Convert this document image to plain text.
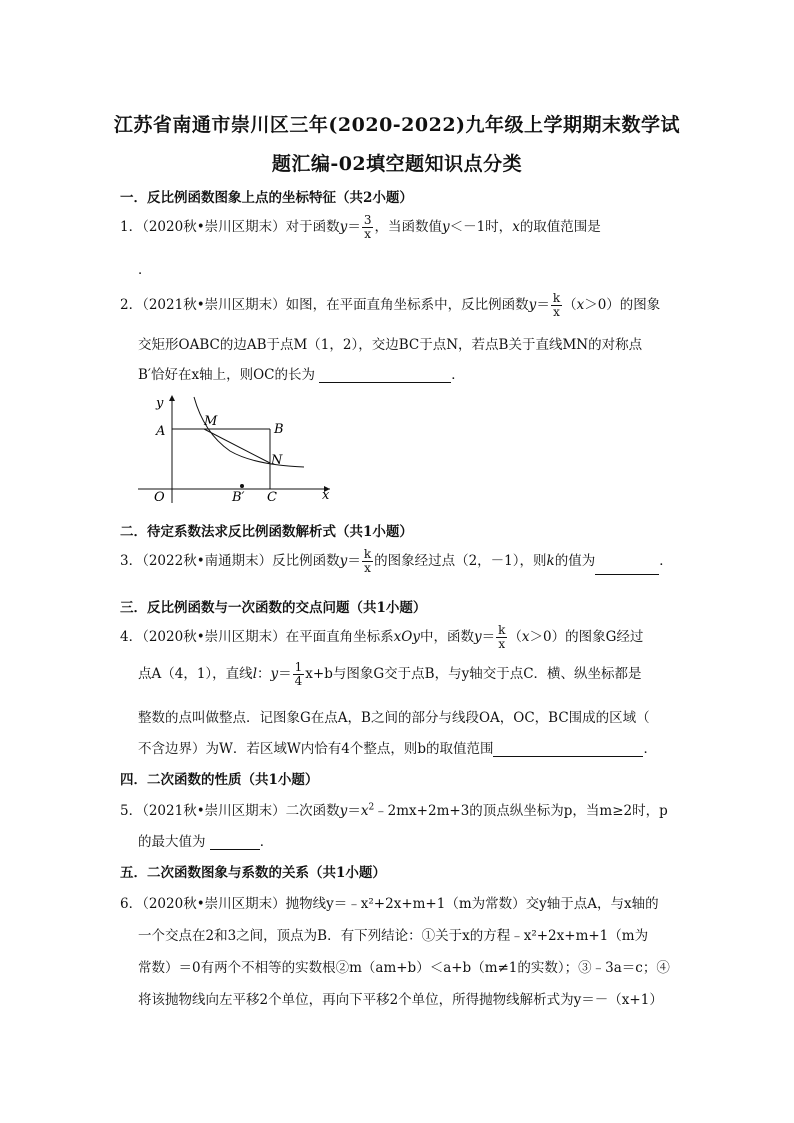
江苏省南通市崇川区三年(2020-2022)九年级上学期期末数学试
题汇编-02填空题知识点分类
一．反比例函数图象上点的坐标特征（共2小题）
1．（2020秋•崇川区期末）对于函数$y= \frac{3}{x}$ ，当函数值y＜－1时，x的取值范围是
．
2．（2021秋•崇川区期末）如图，在平面直角坐标系中，反比例函数$y= \frac{k}{x} (x>0)$的图象
交矩形OABC的边AB于点M（1，2），交边BC于点N，若点B关于直线MN的对称点
B′恰好在x轴上，则OC的长为	．
y
A
M
B
N
O	B′ C	x
二．待定系数法求反比例函数解析式（共1小题）
3．（2022秋•南通期末）反比例函数$y= \frac{k}{x}$ 的图象经过点（2，－1），则k的值为	．
三．反比例函数与一次函数的交点问题（共1小题）
4．（2020秋•崇川区期末）在平面直角坐标系xOy中，函数$y= \frac{k}{x} (x>0)$的图象G经过
点A（4，1），直线l：$y= \frac{1}{4} x+b$与图象G交于点B，与y轴交于点C．横、纵坐标都是
整数的点叫做整点．记图象G在点A，B之间的部分与线段OA，OC，BC围成的区域（
不含边界）为W．若区域W内恰有4个整点，则b的取值范围	．
四．二次函数的性质（共1小题）
5．（2021秋•崇川区期末）二次函数$y=x^2﹣2mx+2m+3$的顶点纵坐标为p，当m≥2时，p
的最大值为	．
五．二次函数图象与系数的关系（共1小题）
6．（2020秋•崇川区期末）抛物线y＝﹣x²+2x+m+1（m为常数）交y轴于点A，与x轴的
一个交点在2和3之间，顶点为B．有下列结论：①关于x的方程﹣x²+2x+m+1（m为
常数）＝0有两个不相等的实数根②m（am+b）＜a+b（m≠1的实数）；③﹣3a＝c；④
将该抛物线向左平移2个单位，再向下平移2个单位，所得抛物线解析式为y＝－（x+1）
